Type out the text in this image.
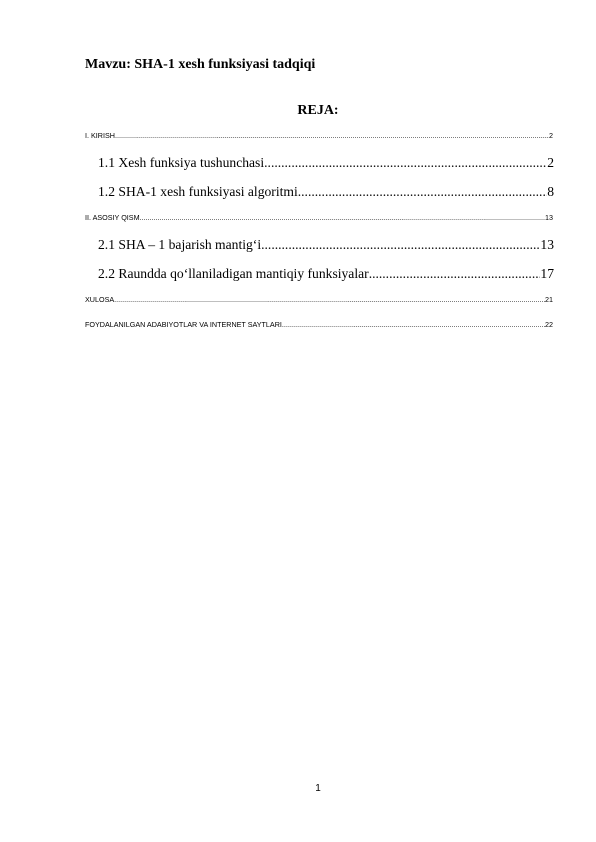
Mavzu: SHA-1 xesh funksiyasi tadqiqi
REJA:
I. KIRISH .....	2
1.1 Xesh funksiya tushunchasi .....	2
1.2 SHA-1 xesh funksiyasi algoritmi .....	8
II. ASOSIY QISM .....	13
2.1 SHA – 1 bajarish mantig‘i .....	13
2.2 Raundda qo‘llaniladigan mantiqiy funksiyalar .....	17
XULOSA .....	21
FOYDALANILGAN ADABIYOTLAR VA INTERNET SAYTLARI .....	22

1
